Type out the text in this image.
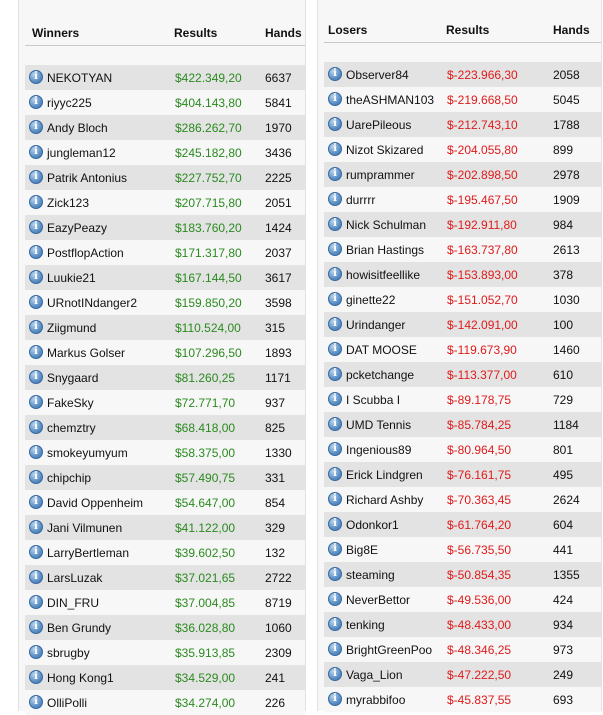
Winners	Results	Hands
i NEKOTYAN	$422.349,20 6637
i riyyc225	$404.143,80 5841
i Andy Bloch	$286.262,70 1970
i jungleman12	$245.182,80 3436
i Patrik Antonius	$227.752,70 2225
i Zick123	$207.715,80 2051
i EazyPeazy	$183.760,20 1424
i PostflopAction	$171.317,80 2037
i Luukie21	$167.144,50 3617
i URnotINdanger2	$159.850,20 3598
i Ziigmund	$110.524,00 315
i Markus Golser	$107.296,50 1893
i Snygaard	$81.260,25 1171
i FakeSky	$72.771,70 937
i chemztry	$68.418,00 825
i smokeyumyum	$58.375,00 1330
i chipchip	$57.490,75 331
i David Oppenheim	$54.647,00 854
i Jani Vilmunen	$41.122,00 329
i LarryBertleman	$39.602,50 132
i LarsLuzak	$37.021,65 2722
i DIN_FRU	$37.004,85 8719
i Ben Grundy	$36.028,80 1060
i sbrugby	$35.913,85 2309
i Hong Kong1	$34.529,00 241
i OlliPolli	$34.274,00 226
Losers	Results	Hands
i Observer84	$-223.966,30	2058
i theASHMAN103 $-219.668,50	5045
i UarePileous	$-212.743,10	1788
i Nizot Skizared $-204.055,80	899
i rumprammer	$-202.898,50	2978
i durrrr	$-195.467,50	1909
i Nick Schulman $-192.911,80	984
i Brian Hastings $-163.737,80	2613
i howisitfeellike $-153.893,00	378
i ginette22	$-151.052,70	1030
i Urindanger	$-142.091,00	100
i DAT MOOSE	$-119.673,90	1460
i pcketchange	$-113.377,00	610
i I Scubba I	$-89.178,75	729
i UMD Tennis	$-85.784,25	1184
i Ingenious89	$-80.964,50	801
i Erick Lindgren $-76.161,75	495
i Richard Ashby $-70.363,45	2624
i Odonkor1	$-61.764,20	604
i Big8E	$-56.735,50	441
i steaming	$-50.854,35	1355
i NeverBettor	$-49.536,00	424
i tenking	$-48.433,00	934
i BrightGreenPoo $-48.346,25	973
i Vaga_Lion	$-47.222,50	249
i myrabbifoo	$-45.837,55	693
